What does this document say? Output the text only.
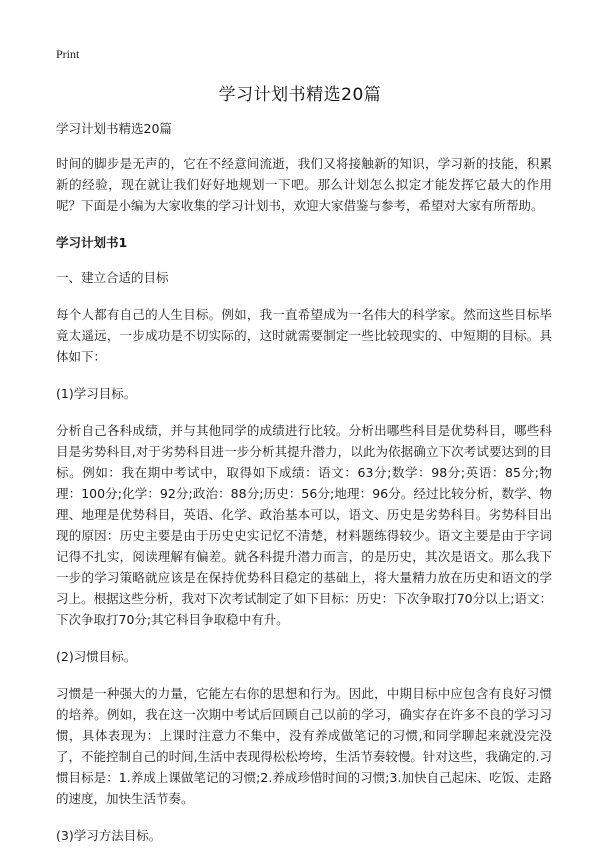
Print
学习计划书精选20篇

学习计划书精选20篇

时间的脚步是无声的，它在不经意间流逝，我们又将接触新的知识，学习新的技能，积累新的经验，现在就让我们好好地规划一下吧。那么计划怎么拟定才能发挥它最大的作用呢？下面是小编为大家收集的学习计划书，欢迎大家借鉴与参考，希望对大家有所帮助。

学习计划书1

一、建立合适的目标

每个人都有自己的人生目标。例如，我一直希望成为一名伟大的科学家。然而这些目标毕竟太遥远，一步成功是不切实际的，这时就需要制定一些比较现实的、中短期的目标。具体如下：

(1)学习目标。

分析自己各科成绩，并与其他同学的成绩进行比较。分析出哪些科目是优势科目，哪些科目是劣势科目,对于劣势科目进一步分析其提升潜力，以此为依据确立下次考试要达到的目标。例如：我在期中考试中，取得如下成绩：语文：63分;数学：98分;英语：85分;物理：100分;化学：92分;政治：88分;历史：56分;地理：96分。经过比较分析，数学、物理、地理是优势科目，英语、化学、政治基本可以，语文、历史是劣势科目。劣势科目出现的原因：历史主要是由于历史史实记忆不清楚，材料题练得较少。语文主要是由于字词记得不扎实，阅读理解有偏差。就各科提升潜力而言，的是历史，其次是语文。那么我下一步的学习策略就应该是在保持优势科目稳定的基础上，将大量精力放在历史和语文的学习上。根据这些分析，我对下次考试制定了如下目标：历史：下次争取打70分以上;语文：下次争取打70分;其它科目争取稳中有升。

(2)习惯目标。

习惯是一种强大的力量，它能左右你的思想和行为。因此，中期目标中应包含有良好习惯的培养。例如，我在这一次期中考试后回顾自己以前的学习，确实存在许多不良的学习习惯，具体表现为：上课时注意力不集中，没有养成做笔记的习惯,和同学聊起来就没完没了，不能控制自己的时间,生活中表现得松松垮垮，生活节奏较慢。针对这些，我确定的.习惯目标是：1.养成上课做笔记的习惯;2.养成珍惜时间的习惯;3.加快自己起床、吃饭、走路的速度，加快生活节奏。

(3)学习方法目标。
